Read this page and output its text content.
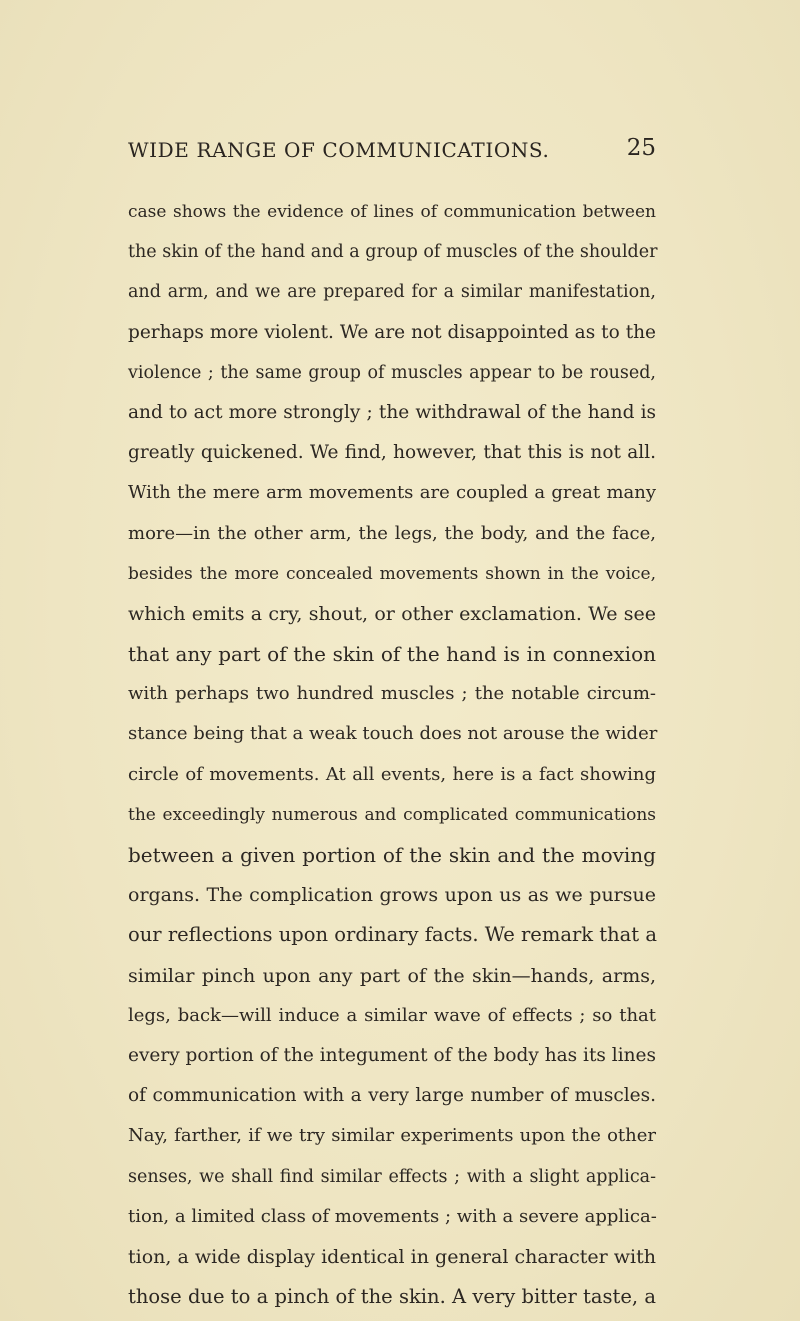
WIDE RANGE OF COMMUNICATIONS.	25
case shows the evidence of lines of communication between
the skin of the hand and a group of muscles of the shoulder
and arm, and we are prepared for a similar manifestation,
perhaps more violent. We are not disappointed as to the
violence ; the same group of muscles appear to be roused,
and to act more strongly ; the withdrawal of the hand is
greatly quickened. We find, however, that this is not all.
With the mere arm movements are coupled a great many
more—in the other arm, the legs, the body, and the face,
besides the more concealed movements shown in the voice,
which emits a cry, shout, or other exclamation. We see
that any part of the skin of the hand is in connexion
with perhaps two hundred muscles ; the notable circum-
stance being that a weak touch does not arouse the wider
circle of movements. At all events, here is a fact showing
the exceedingly numerous and complicated communications
between a given portion of the skin and the moving
organs. The complication grows upon us as we pursue
our reflections upon ordinary facts. We remark that a
similar pinch upon any part of the skin—hands, arms,
legs, back—will induce a similar wave of effects ; so that
every portion of the integument of the body has its lines
of communication with a very large number of muscles.
Nay, farther, if we try similar experiments upon the other
senses, we shall find similar effects ; with a slight applica-
tion, a limited class of movements ; with a severe applica-
tion, a wide display identical in general character with
those due to a pinch of the skin. A very bitter taste, a
